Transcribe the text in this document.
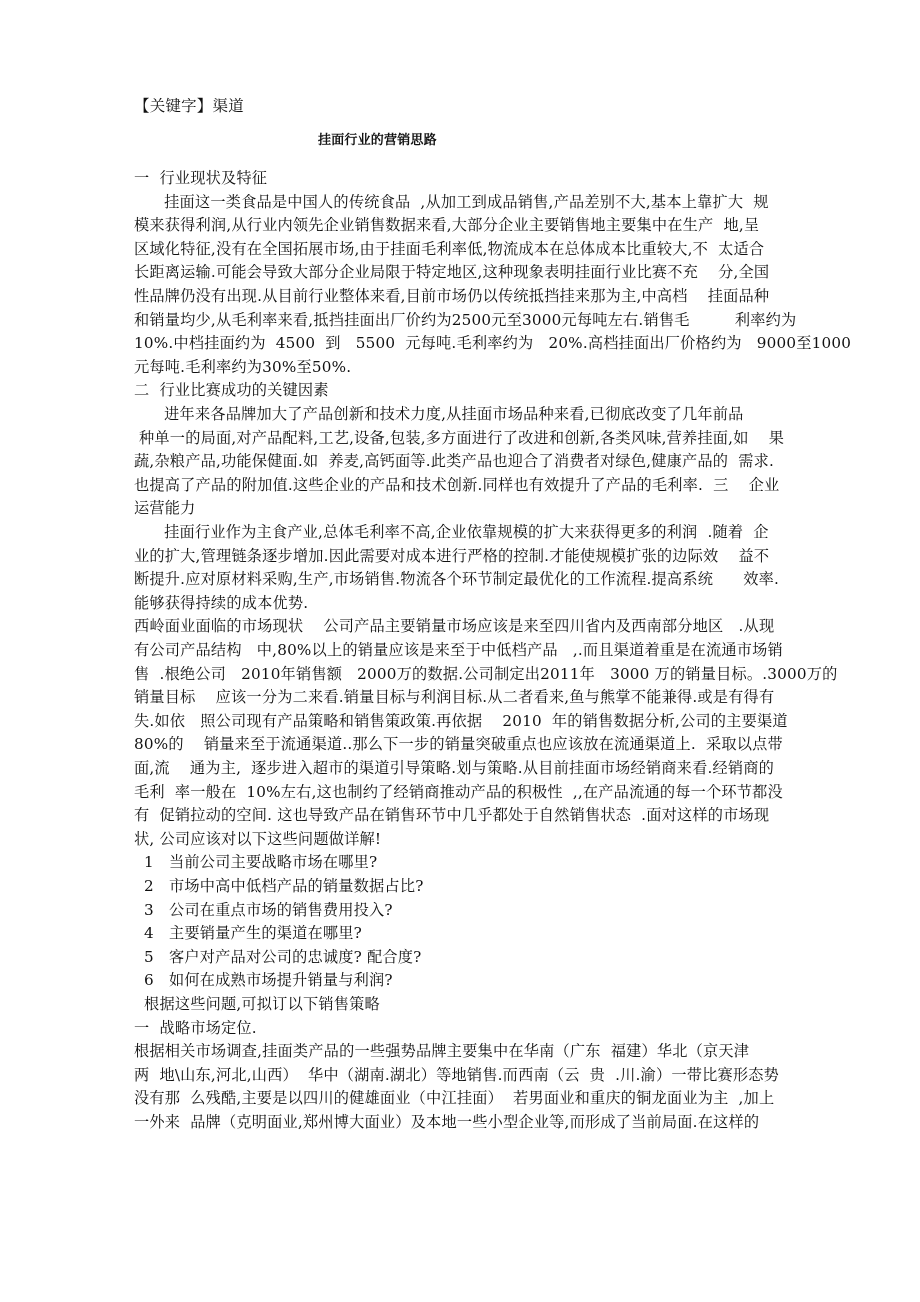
【关键字】渠道
挂面行业的营销思路
一  行业现状及特征
挂面这一类食品是中国人的传统食品  ,从加工到成品销售,产品差别不大,基本上靠扩大  规
模来获得利润,从行业内领先企业销售数据来看,大部分企业主要销售地主要集中在生产  地,呈
区域化特征,没有在全国拓展市场,由于挂面毛利率低,物流成本在总体成本比重较大,不  太适合
长距离运输.可能会导致大部分企业局限于特定地区,这种现象表明挂面行业比赛不充    分,全国
性品牌仍没有出现.从目前行业整体来看,目前市场仍以传统抵挡挂来那为主,中高档    挂面品种
和销量均少,从毛利率来看,抵挡挂面出厂价约为2500元至3000元每吨左右.销售毛         利率约为
10%.中档挂面约为  4500  到   5500  元每吨.毛利率约为   20%.高档挂面出厂价格约为   9000至1000
元每吨.毛利率约为30%至50%.
二  行业比赛成功的关键因素
进年来各品牌加大了产品创新和技术力度,从挂面市场品种来看,已彻底改变了几年前品
种单一的局面,对产品配料,工艺,设备,包装,多方面进行了改进和创新,各类风味,营养挂面,如    果
蔬,杂粮产品,功能保健面.如  养麦,高钙面等.此类产品也迎合了消费者对绿色,健康产品的  需求.
也提高了产品的附加值.这些企业的产品和技术创新.同样也有效提升了产品的毛利率.  三    企业
运营能力
挂面行业作为主食产业,总体毛利率不高,企业依靠规模的扩大来获得更多的利润  .随着  企
业的扩大,管理链条逐步增加.因此需要对成本进行严格的控制.才能使规模扩张的边际效    益不
断提升.应对原材料采购,生产,市场销售.物流各个环节制定最优化的工作流程.提高系统      效率.
能够获得持续的成本优势.
西岭面业面临的市场现状    公司产品主要销量市场应该是来至四川省内及西南部分地区   .从现
有公司产品结构   中,80%以上的销量应该是来至于中低档产品   ,.而且渠道着重是在流通市场销
售  .根绝公司   2010年销售额   2000万的数据.公司制定出2011年   3000 万的销量目标。.3000万的
销量目标    应该一分为二来看.销量目标与利润目标.从二者看来,鱼与熊掌不能兼得.或是有得有
失.如依   照公司现有产品策略和销售策政策.再依据    2010  年的销售数据分析,公司的主要渠道
80%的    销量来至于流通渠道..那么下一步的销量突破重点也应该放在流通渠道上.  采取以点带
面,流    通为主,  逐步进入超市的渠道引导策略.划与策略.从目前挂面市场经销商来看.经销商的
毛利  率一般在  10%左右,这也制约了经销商推动产品的积极性  ,,在产品流通的每一个环节都没
有  促销拉动的空间. 这也导致产品在销售环节中几乎都处于自然销售状态  .面对这样的市场现
状, 公司应该对以下这些问题做详解!
1   当前公司主要战略市场在哪里?
2   市场中高中低档产品的销量数据占比?
3   公司在重点市场的销售费用投入?
4   主要销量产生的渠道在哪里?
5   客户对产品对公司的忠诚度? 配合度?
6   如何在成熟市场提升销量与利润?
根据这些问题,可拟订以下销售策略
一  战略市场定位.
根据相关市场调查,挂面类产品的一些强势品牌主要集中在华南（广东  福建）华北（京天津
两  地\山东,河北,山西）  华中（湖南.湖北）等地销售.而西南（云  贵  .川.渝）一带比赛形态势
没有那  么残酷,主要是以四川的健雄面业（中江挂面）  若男面业和重庆的铜龙面业为主  ,加上
一外来  品牌（克明面业,郑州博大面业）及本地一些小型企业等,而形成了当前局面.在这样的
